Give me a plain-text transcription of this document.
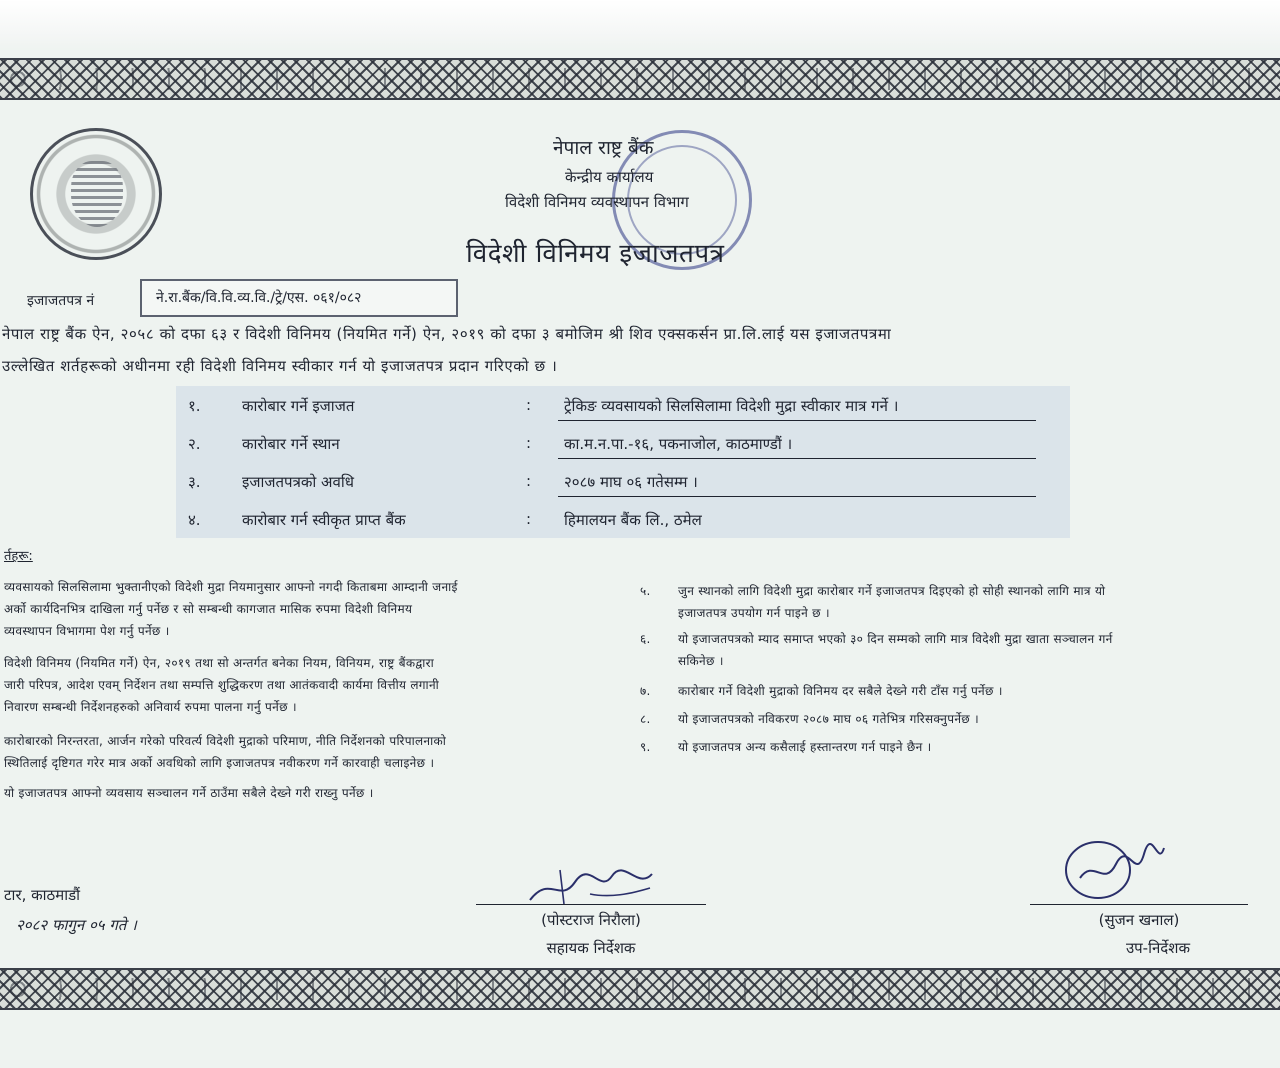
नेपाल राष्ट्र बैंक
केन्द्रीय कार्यालय
विदेशी विनिमय व्यवस्थापन विभाग
विदेशी विनिमय इजाजतपत्र
इजाजतपत्र नं	ने.रा.बैंक/वि.वि.व्य.वि./ट्रे/एस. ०६१/०८२
नेपाल राष्ट्र बैंक ऐन, २०५८ को दफा ६३ र विदेशी विनिमय (नियमित गर्ने) ऐन, २०१९ को दफा ३ बमोजिम श्री शिव एक्सकर्सन प्रा.लि.लाई यस इजाजतपत्रमा
उल्लेखित शर्तहरूको अधीनमा रही विदेशी विनिमय स्वीकार गर्न यो इजाजतपत्र प्रदान गरिएको छ ।
१.	कारोबार गर्ने इजाजत	: ट्रेकिङ व्यवसायको सिलसिलामा विदेशी मुद्रा स्वीकार मात्र गर्ने ।
२.	कारोबार गर्ने स्थान	: का.म.न.पा.-१६, पकनाजोल, काठमाण्डौं ।
३.	इजाजतपत्रको अवधि	: २०८७ माघ ०६ गतेसम्म ।
४.	कारोबार गर्न स्वीकृत प्राप्त बैंक	: हिमालयन बैंक लि., ठमेल
र्तहरू:
व्यवसायको सिलसिलामा भुक्तानीएको विदेशी मुद्रा नियमानुसार आफ्नो नगदी किताबमा आम्दानी जनाई
अर्को कार्यदिनभित्र दाखिला गर्नु पर्नेछ र सो सम्बन्धी कागजात मासिक रुपमा विदेशी विनिमय
व्यवस्थापन विभागमा पेश गर्नु पर्नेछ ।
विदेशी विनिमय (नियमित गर्ने) ऐन, २०१९ तथा सो अन्तर्गत बनेका नियम, विनियम, राष्ट्र बैंकद्वारा
जारी परिपत्र, आदेश एवम् निर्देशन तथा सम्पत्ति शुद्धिकरण तथा आतंकवादी कार्यमा वित्तीय लगानी
निवारण सम्बन्धी निर्देशनहरुको अनिवार्य रुपमा पालना गर्नु पर्नेछ ।
कारोबारको निरन्तरता, आर्जन गरेको परिवर्त्य विदेशी मुद्राको परिमाण, नीति निर्देशनको परिपालनाको
स्थितिलाई दृष्टिगत गरेर मात्र अर्को अवधिको लागि इजाजतपत्र नवीकरण गर्ने कारवाही चलाइनेछ ।
यो इजाजतपत्र आफ्नो व्यवसाय सञ्चालन गर्ने ठाउँमा सबैले देख्ने गरी राख्नु पर्नेछ ।
५. जुन स्थानको लागि विदेशी मुद्रा कारोबार गर्ने इजाजतपत्र दिइएको हो सोही स्थानको लागि मात्र यो
इजाजतपत्र उपयोग गर्न पाइने छ ।
६. यो इजाजतपत्रको म्याद समाप्त भएको ३० दिन सम्मको लागि मात्र विदेशी मुद्रा खाता सञ्चालन गर्न
सकिनेछ ।
७. कारोबार गर्ने विदेशी मुद्राको विनिमय दर सबैले देख्ने गरी टाँस गर्नु पर्नेछ ।
८. यो इजाजतपत्रको नविकरण २०८७ माघ ०६ गतेभित्र गरिसक्नुपर्नेछ ।
९. यो इजाजतपत्र अन्य कसैलाई हस्तान्तरण गर्न पाइने छैन ।
टार, काठमाडौं
२०८२ फागुन ०५ गते ।	(पोस्टराज निरौला)
सहायक निर्देशक
(सुजन खनाल)
उप-निर्देशक
